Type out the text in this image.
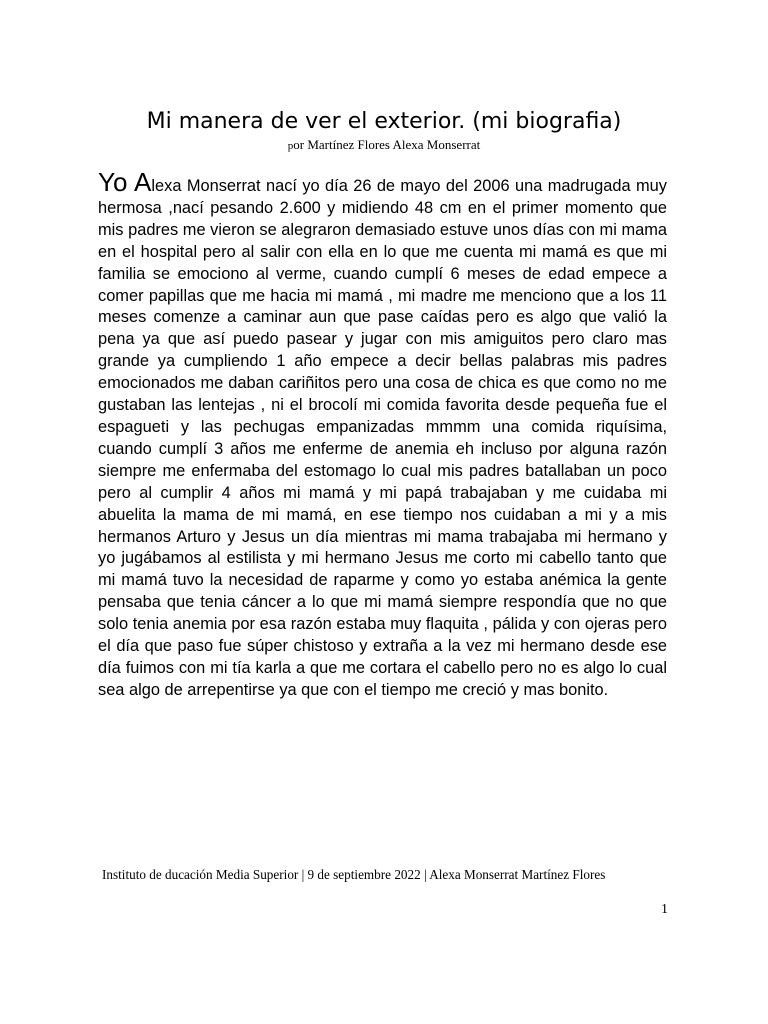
Mi manera de ver el exterior. (mi biografia)
por Martínez Flores Alexa Monserrat

Yo Alexa Monserrat nací yo día 26 de mayo del 2006 una madrugada muy hermosa ,nací pesando 2.600 y midiendo 48 cm en el primer momento que mis padres me vieron se alegraron demasiado estuve unos días con mi mama en el hospital pero al salir con ella en lo que me cuenta mi mamá es que mi familia se emociono al verme, cuando cumplí 6 meses de edad empece a comer papillas que me hacia mi mamá , mi madre me menciono que a los 11 meses comenze a caminar aun que pase caídas pero es algo que valió la pena ya que así puedo pasear y jugar con mis amiguitos pero claro mas grande ya cumpliendo 1 año empece a decir bellas palabras mis padres emocionados me daban cariñitos pero una cosa de chica es que como no me gustaban las lentejas , ni el brocolí mi comida favorita desde pequeña fue el espagueti y las pechugas empanizadas mmmm una comida riquísima, cuando cumplí 3 años me enferme de anemia eh incluso por alguna razón siempre me enfermaba del estomago lo cual mis padres batallaban un poco pero al cumplir 4 años mi mamá y mi papá trabajaban y me cuidaba mi abuelita la mama de mi mamá, en ese tiempo nos cuidaban a mi y a mis hermanos Arturo y Jesus un día mientras mi mama trabajaba mi hermano y yo jugábamos al estilista y mi hermano Jesus me corto mi cabello tanto que mi mamá tuvo la necesidad de raparme y como yo estaba anémica la gente pensaba que tenia cáncer a lo que mi mamá siempre respondía que no que solo tenia anemia por esa razón estaba muy flaquita , pálida y con ojeras pero el día que paso fue súper chistoso y extraña a la vez mi hermano desde ese día fuimos con mi tía karla a que me cortara el cabello pero no es algo lo cual sea algo de arrepentirse ya que con el tiempo me creció y mas bonito.

Instituto de ducación Media Superior | 9 de septiembre 2022 | Alexa Monserrat Martínez Flores
1
